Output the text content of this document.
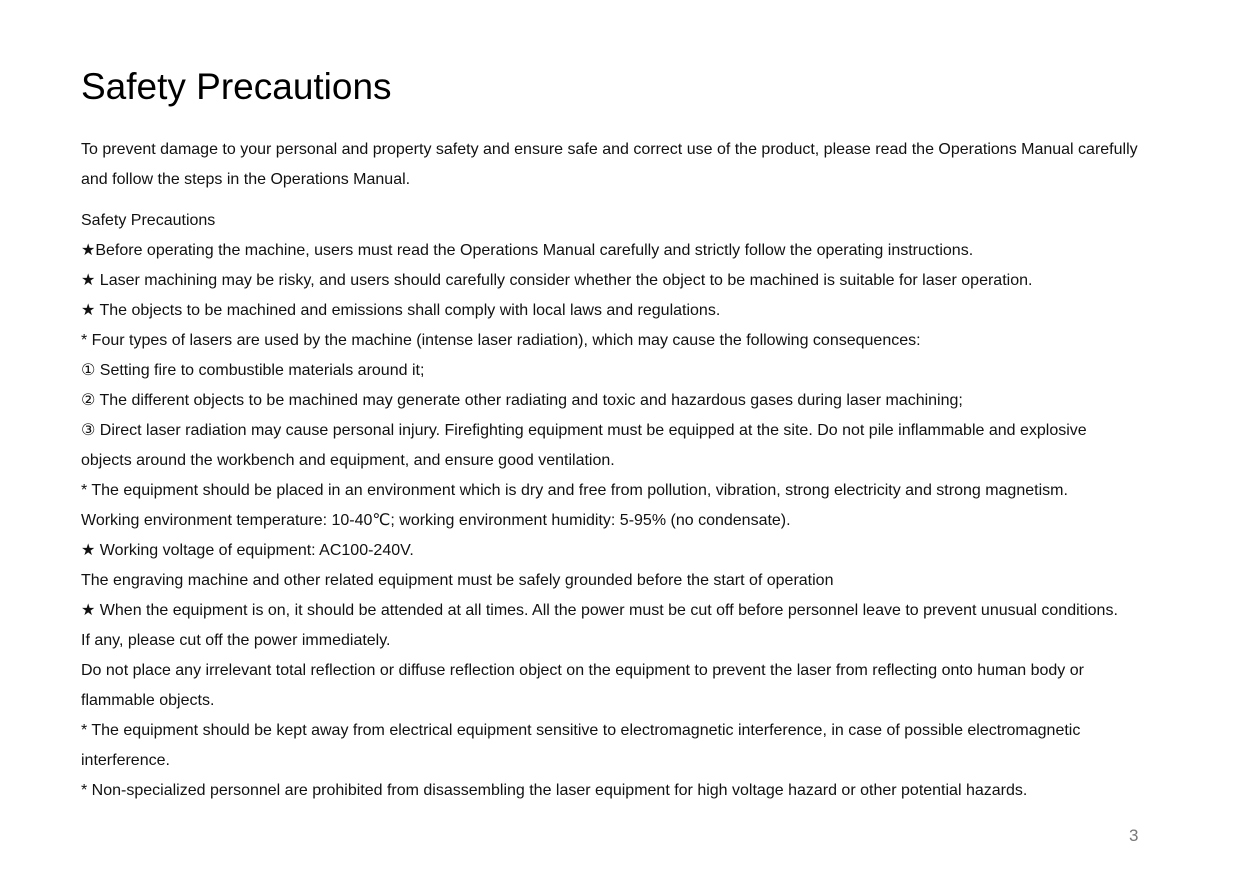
Safety Precautions

To prevent damage to your personal and property safety and ensure safe and correct use of the product, please read the Operations Manual carefully and follow the steps in the Operations Manual.

Safety Precautions

★Before operating the machine, users must read the Operations Manual carefully and strictly follow the operating instructions.

★ Laser machining may be risky, and users should carefully consider whether the object to be machined is suitable for laser operation.

★ The objects to be machined and emissions shall comply with local laws and regulations.

* Four types of lasers are used by the machine (intense laser radiation), which may cause the following consequences:

① Setting fire to combustible materials around it;

② The different objects to be machined may generate other radiating and toxic and hazardous gases during laser machining;

③ Direct laser radiation may cause personal injury. Firefighting equipment must be equipped at the site. Do not pile inflammable and explosive

objects around the workbench and equipment, and ensure good ventilation.

* The equipment should be placed in an environment which is dry and free from pollution, vibration, strong electricity and strong magnetism.

Working environment temperature: 10-40℃; working environment humidity: 5-95% (no condensate).

★ Working voltage of equipment: AC100-240V.

The engraving machine and other related equipment must be safely grounded before the start of operation

★ When the equipment is on, it should be attended at all times. All the power must be cut off before personnel leave to prevent unusual conditions.

If any, please cut off the power immediately.

Do not place any irrelevant total reflection or diffuse reflection object on the equipment to prevent the laser from reflecting onto human body or

flammable objects.

* The equipment should be kept away from electrical equipment sensitive to electromagnetic interference, in case of possible electromagnetic

interference.

* Non-specialized personnel are prohibited from disassembling the laser equipment for high voltage hazard or other potential hazards.

3
